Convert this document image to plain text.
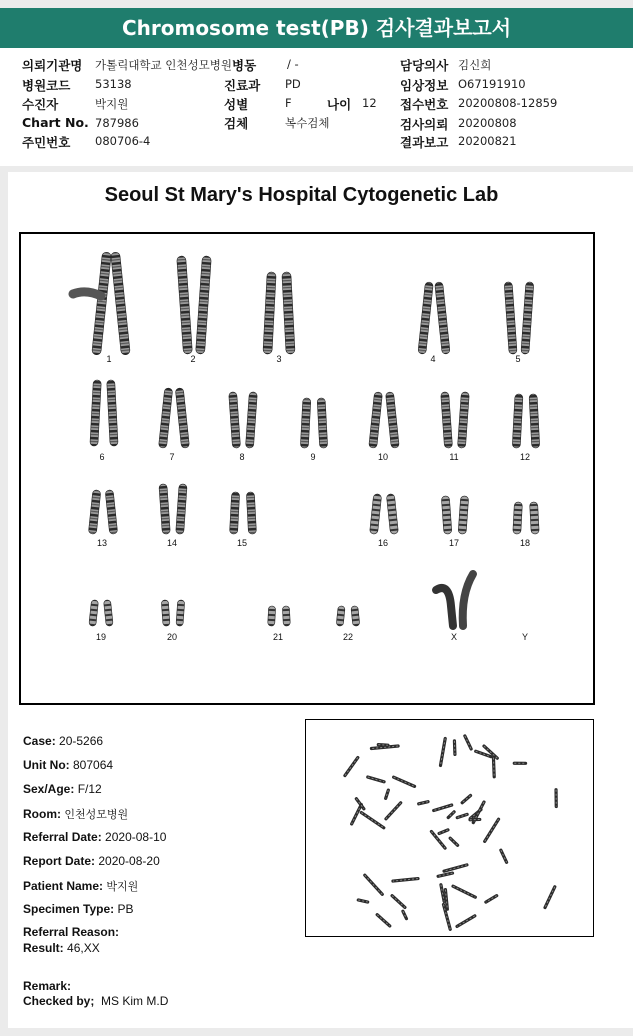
Chromosome test(PB) 검사결과보고서
의뢰기관명 가톨릭대학교 인천성모병원 병동	/ -	담당의사 김신희
병원코드 53138	진료과 PD	임상정보 O67191910
수진자	박지원	성별	F	나이 12 접수번호 20200808-12859
Chart No. 787986	검체	복수검체	검사의뢰 20200808
주민번호 080706-4	결과보고 20200821
Seoul St Mary's Hospital Cytogenetic Lab
1	2	3	4	5
6	7	8	9	10	11	12
13	14	15	16	17	18
19	20	21	22	X	Y
Case: 20-5266
Unit No: 807064
Sex/Age: F/12
Room: 인천성모병원
Referral Date: 2020-08-10
Report Date: 2020-08-20
Patient Name: 박지원
Specimen Type: PB
Referral Reason:
Result: 46,XX
Remark:
Checked by; MS Kim M.D
